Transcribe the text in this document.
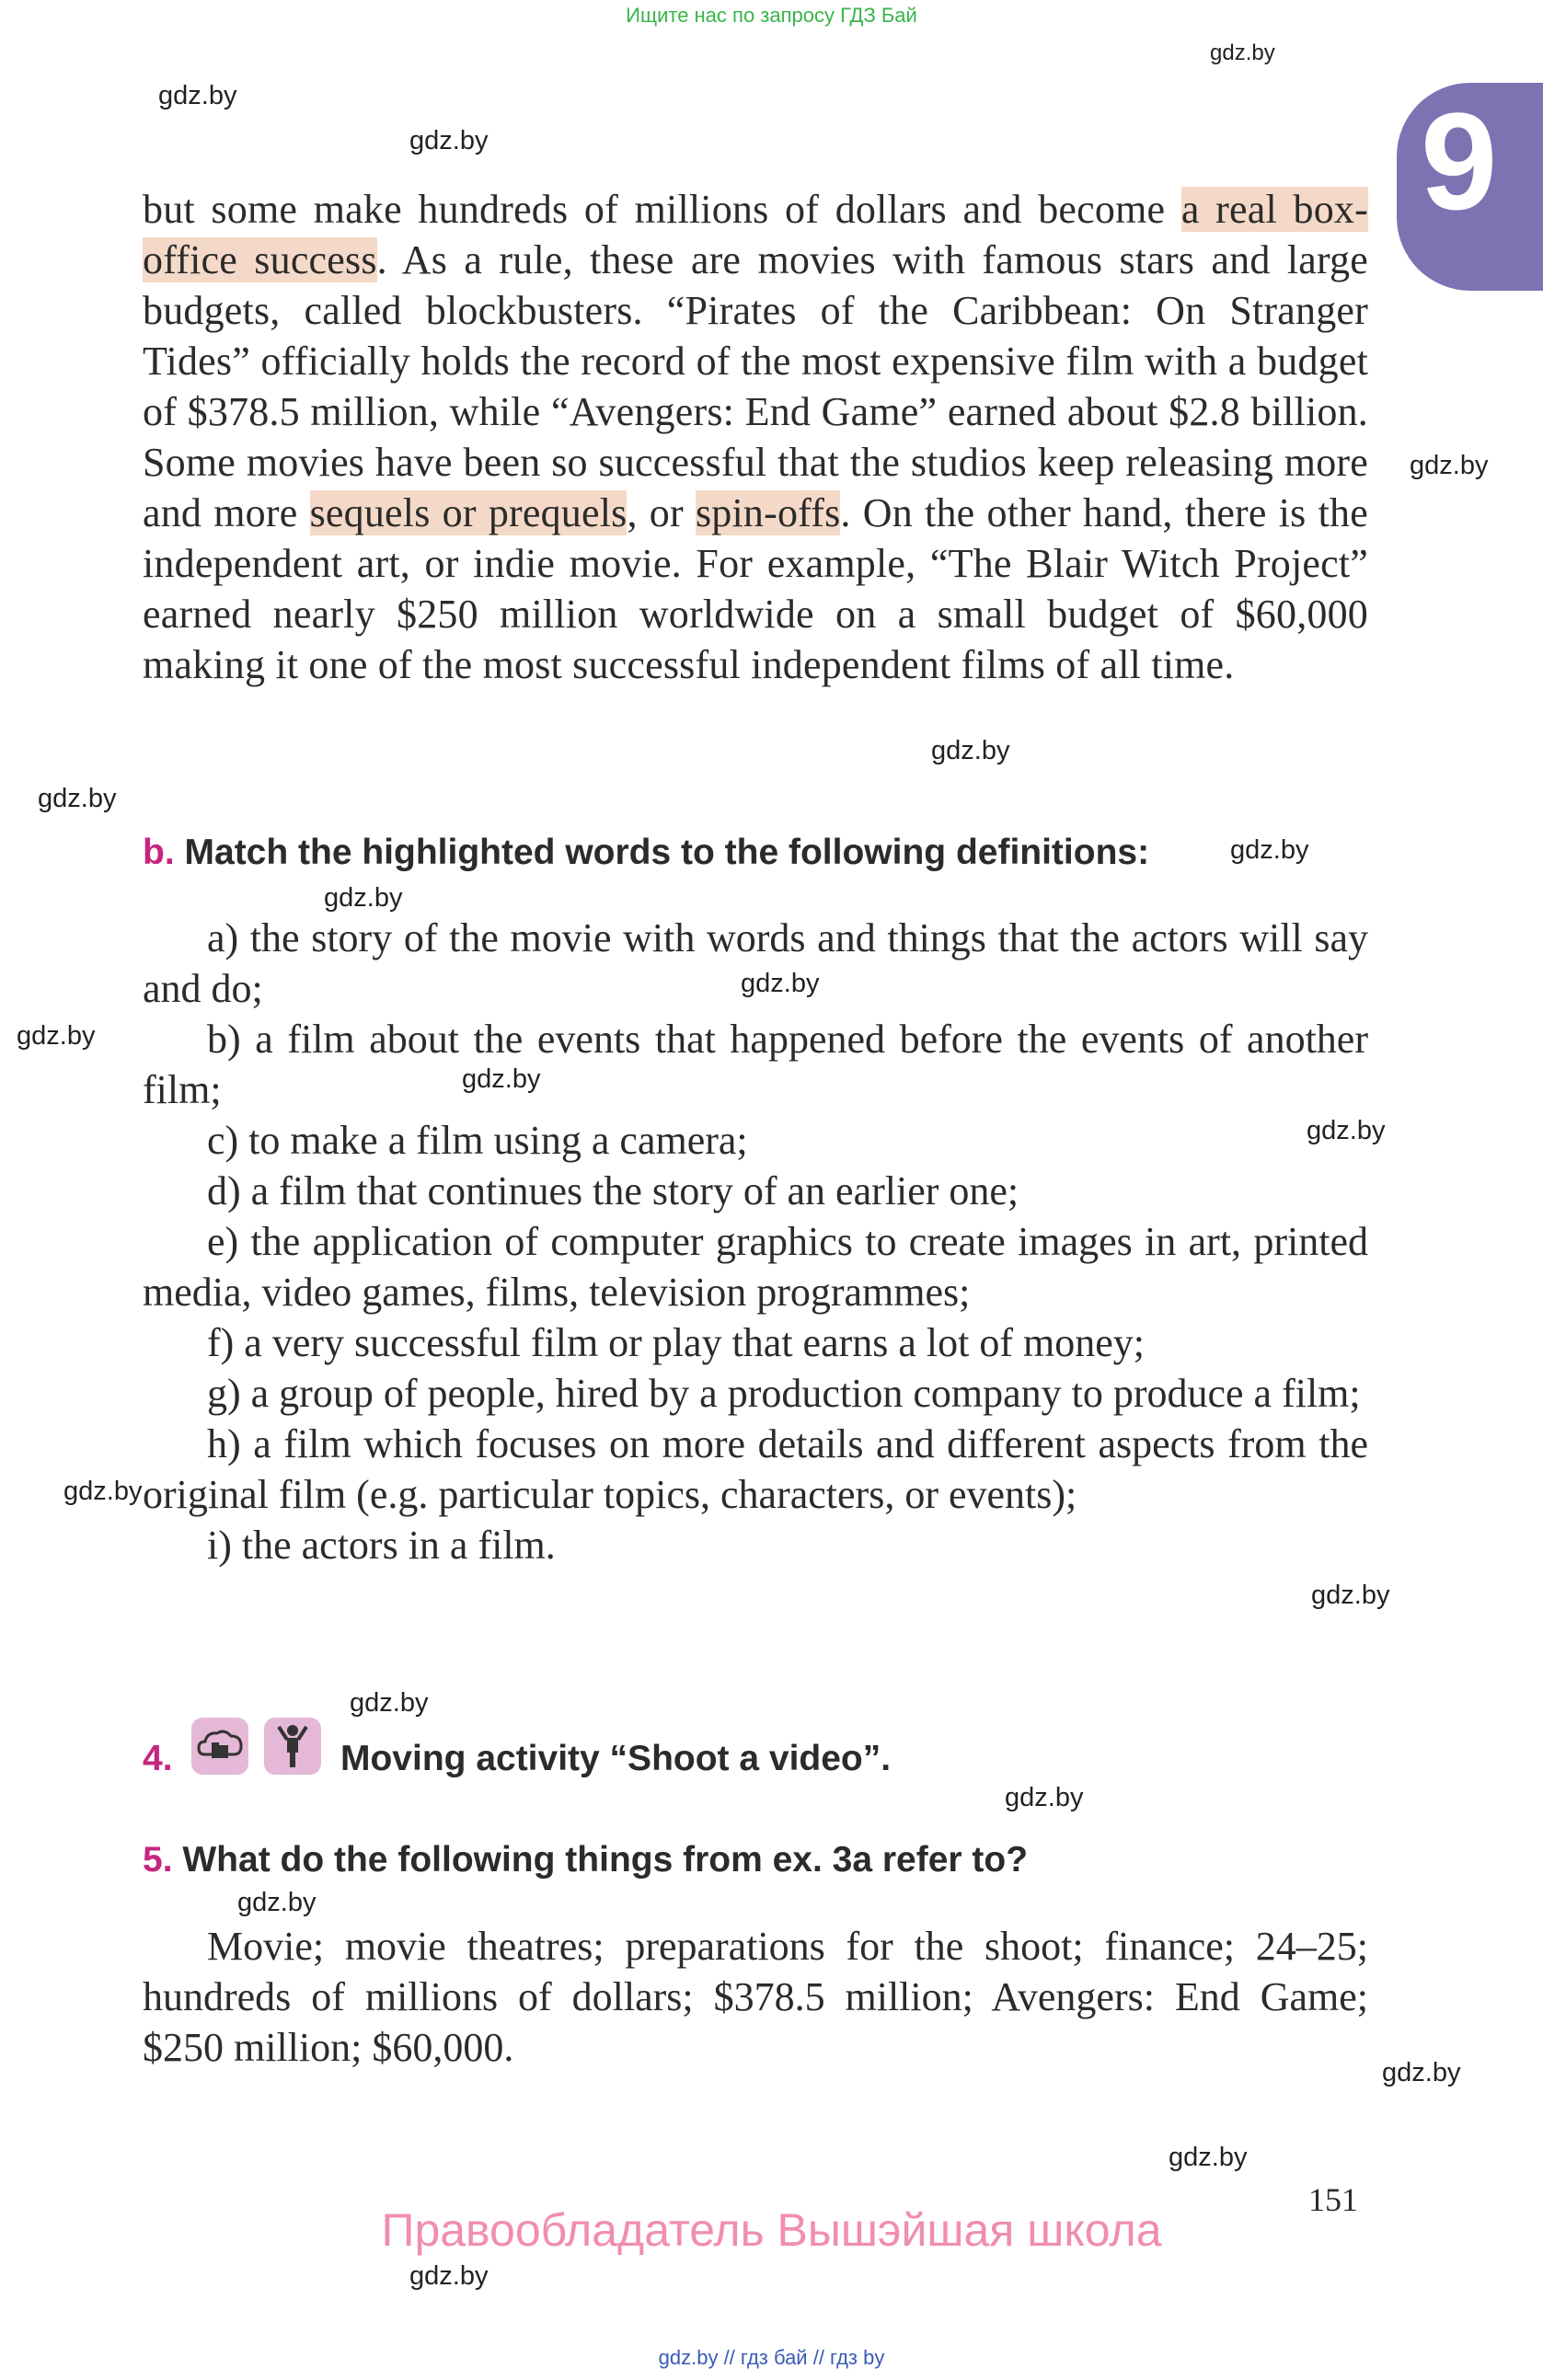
Ищите нас по запросу ГДЗ Бай
9
gdz.by
gdz.by
gdz.by
gdz.by
gdz.by
gdz.by
gdz.by
gdz.by
gdz.by
gdz.by
gdz.by
gdz.by
gdz.by
gdz.by
gdz.by
gdz.by
gdz.by
gdz.by
gdz.by
gdz.by

but some make hundreds of millions of dollars and become a real box-office success. As a rule, these are movies with famous stars and large budgets, called blockbusters. “Pirates of the Caribbean: On Stranger Tides” officially holds the record of the most expensive film with a budget of $378.5 million, while “Avengers: End Game” earned about $2.8 billion. Some movies have been so successful that the studios keep releasing more and more sequels or prequels, or spin-offs. On the other hand, there is the independent art, or indie movie. For example, “The Blair Witch Project” earned nearly $250 million worldwide on a small budget of $60,000 making it one of the most successful independent films of all time.

b. Match the highlighted words to the following definitions:

a) the story of the movie with words and things that the actors will say and do;

b) a film about the events that happened before the events of another film;

c) to make a film using a camera;

d) a film that continues the story of an earlier one;

e) the application of computer graphics to create images in art, printed media, video games, films, television programmes;

f) a very successful film or play that earns a lot of money;

g) a group of people, hired by a production company to produce a film;

h) a film which focuses on more details and different aspects from the original film (e.g. particular topics, characters, or events);

i) the actors in a film.

4.	Moving activity “Shoot a video”.
5. What do the following things from ex. 3a refer to?

Movie; movie theatres; preparations for the shoot; finance; 24–25; hundreds of millions of dollars; $378.5 million; Avengers: End Game; $250 million; $60,000.

151
Правообладатель Вышэйшая школа
gdz.by // гдз бай // гдз by
